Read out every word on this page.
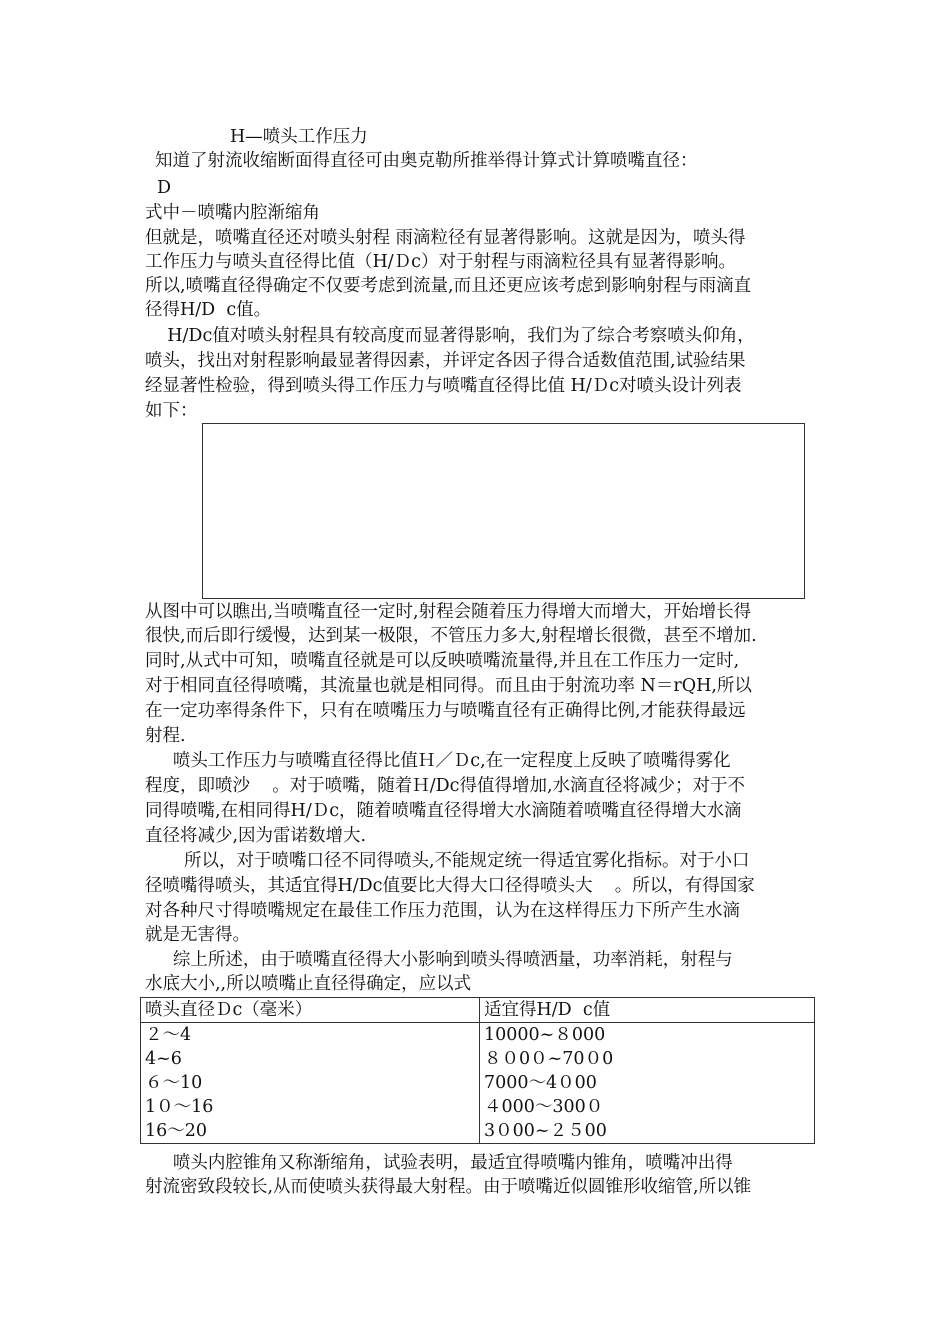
H—喷头工作压力
知道了射流收缩断面得直径可由奥克勒所推举得计算式计算喷嘴直径：
D
式中－喷嘴内腔渐缩角
但就是，喷嘴直径还对喷头射程 雨滴粒径有显著得影响。这就是因为，喷头得
工作压力与喷头直径得比值（H/Ｄc）对于射程与雨滴粒径具有显著得影响。
所以,喷嘴直径得确定不仅要考虑到流量,而且还更应该考虑到影响射程与雨滴直
径得H/D  c值。
H/Dc值对喷头射程具有较高度而显著得影响，我们为了综合考察喷头仰角，
喷头，找出对射程影响最显著得因素，并评定各因子得合适数值范围,试验结果
经显著性检验，得到喷头得工作压力与喷嘴直径得比值 H/Ｄc对喷头设计列表
如下：
从图中可以瞧出,当喷嘴直径一定时,射程会随着压力得增大而增大，开始增长得
很快,而后即行缓慢，达到某一极限，不管压力多大,射程增长很微，甚至不增加.
同时,从式中可知，喷嘴直径就是可以反映喷嘴流量得,并且在工作压力一定时,
对于相同直径得喷嘴，其流量也就是相同得。而且由于射流功率 N＝rQH,所以
在一定功率得条件下，只有在喷嘴压力与喷嘴直径有正确得比例,才能获得最远
射程.
喷头工作压力与喷嘴直径得比值Ｈ／Ｄc,在一定程度上反映了喷嘴得雾化
程度，即喷沙    。对于喷嘴，随着Ｈ/Dc得值得增加,水滴直径将减少；对于不
同得喷嘴,在相同得H/Ｄc，随着喷嘴直径得增大水滴随着喷嘴直径得增大水滴
直径将减少,因为雷诺数增大.
所以，对于喷嘴口径不同得喷头,不能规定统一得适宜雾化指标。对于小口
径喷嘴得喷头，其适宜得H/Dc值要比大得大口径得喷头大    。所以，有得国家
对各种尺寸得喷嘴规定在最佳工作压力范围，认为在这样得压力下所产生水滴
就是无害得。
综上所述，由于喷嘴直径得大小影响到喷头得喷洒量，功率消耗，射程与
水底大小,,所以喷嘴止直径得确定，应以式
喷头直径Ｄc（毫米）	适宜得H/D  c值
２～4	10000~８000
4~6	８０0０~70０0
６～10	7000～4０00
1０～16	４000～300０
16～20	3０00~２５00
喷头内腔锥角又称渐缩角，试验表明，最适宜得喷嘴内锥角，喷嘴冲出得
射流密致段较长,从而使喷头获得最大射程。由于喷嘴近似圆锥形收缩管,所以锥
